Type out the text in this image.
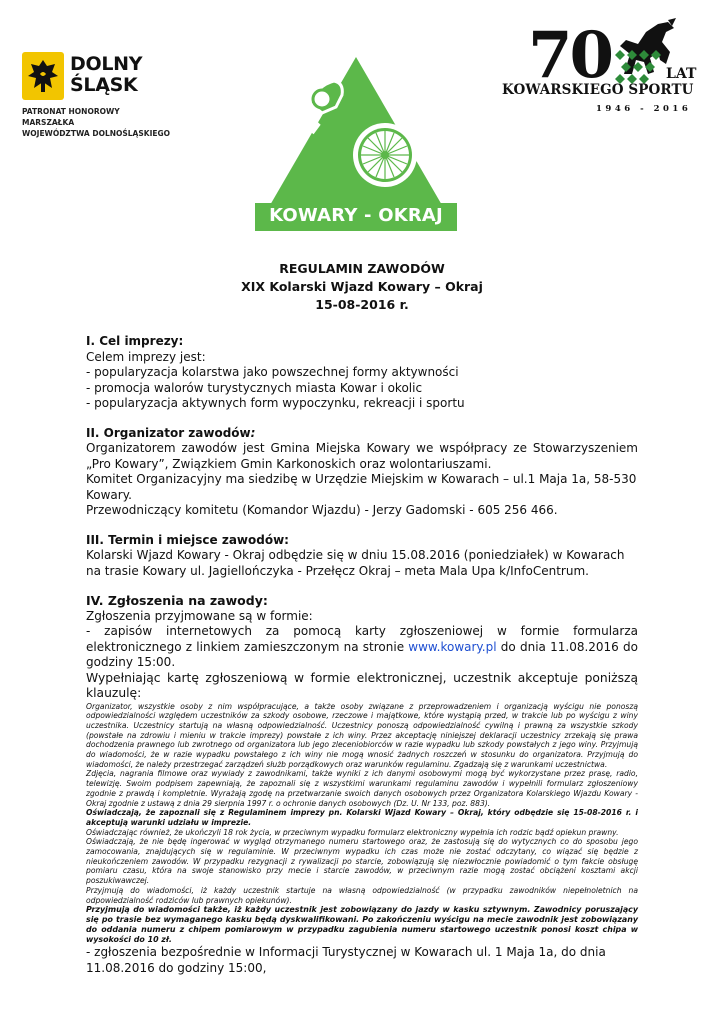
DOLNY
ŚLĄSK
PATRONAT HONOROWY MARSZAŁKA
WOJEWÓDZTWA DOLNOŚLĄSKIEGO
KOWARY - OKRAJ
70	LAT
KOWARSKIEGO SPORTU
1946 - 2016
REGULAMIN ZAWODÓW
XIX Kolarski Wjazd Kowary – Okraj
15-08-2016 r.
I. Cel imprezy:
Celem imprezy jest:
- popularyzacja kolarstwa jako powszechnej formy aktywności
- promocja walorów turystycznych miasta Kowar i okolic
- popularyzacja aktywnych form wypoczynku, rekreacji i sportu
II. Organizator zawodów:
Organizatorem zawodów jest Gmina Miejska Kowary we współpracy ze Stowarzyszeniem „Pro Kowary”, Związkiem Gmin Karkonoskich oraz wolontariuszami.
Komitet Organizacyjny ma siedzibę w Urzędzie Miejskim w Kowarach – ul.1 Maja 1a, 58-530 Kowary.
Przewodniczący komitetu (Komandor Wjazdu) - Jerzy Gadomski - 605 256 466.
III. Termin i miejsce zawodów:
Kolarski Wjazd Kowary - Okraj odbędzie się w dniu 15.08.2016 (poniedziałek) w Kowarach na trasie Kowary ul. Jagiellończyka - Przełęcz Okraj – meta Mala Upa k/InfoCentrum.
IV. Zgłoszenia na zawody:
Zgłoszenia przyjmowane są w formie:
- zapisów internetowych za pomocą karty zgłoszeniowej w formie formularza elektronicznego z linkiem zamieszczonym na stronie www.kowary.pl do dnia 11.08.2016 do godziny 15:00.
Wypełniając kartę zgłoszeniową w formie elektronicznej, uczestnik akceptuje poniższą klauzulę:
Organizator, wszystkie osoby z nim współpracujące, a także osoby związane z przeprowadzeniem i organizacją wyścigu nie ponoszą odpowiedzialności względem uczestników za szkody osobowe, rzeczowe i majątkowe, które wystąpią przed, w trakcie lub po wyścigu z winy uczestnika. Uczestnicy startują na własną odpowiedzialność. Uczestnicy ponoszą odpowiedzialność cywilną i prawną za wszystkie szkody (powstałe na zdrowiu i mieniu w trakcie imprezy) powstałe z ich winy. Przez akceptację niniejszej deklaracji uczestnicy zrzekają się prawa dochodzenia prawnego lub zwrotnego od organizatora lub jego zleceniobiorców w razie wypadku lub szkody powstałych z jego winy. Przyjmują do wiadomości, że w razie wypadku powstałego z ich winy nie mogą wnosić żadnych roszczeń w stosunku do organizatora. Przyjmują do wiadomości, że należy przestrzegać zarządzeń służb porządkowych oraz warunków regulaminu. Zgadzają się z warunkami uczestnictwa.
Zdjęcia, nagrania filmowe oraz wywiady z zawodnikami, także wyniki z ich danymi osobowymi mogą być wykorzystane przez prasę, radio, telewizję. Swoim podpisem zapewniają, że zapoznali się z wszystkimi warunkami regulaminu zawodów i wypełnili formularz zgłoszeniowy zgodnie z prawdą i kompletnie. Wyrażają zgodę na przetwarzanie swoich danych osobowych przez Organizatora Kolarskiego Wjazdu Kowary - Okraj zgodnie z ustawą z dnia 29 sierpnia 1997 r. o ochronie danych osobowych (Dz. U. Nr 133, poz. 883).
Oświadczają, że zapoznali się z Regulaminem imprezy pn. Kolarski Wjazd Kowary – Okraj, który odbędzie się 15-08-2016 r. i akceptują warunki udziału w imprezie.
Oświadczając również, że ukończyli 18 rok życia, w przeciwnym wypadku formularz elektroniczny wypełnia ich rodzic bądź opiekun prawny.
Oświadczają, że nie będę ingerować w wygląd otrzymanego numeru startowego oraz, że zastosują się do wytycznych co do sposobu jego zamocowania, znajdujących się w regulaminie. W przeciwnym wypadku ich czas może nie zostać odczytany, co wiązać się będzie z nieukończeniem zawodów. W przypadku rezygnacji z rywalizacji po starcie, zobowiązują się niezwłocznie powiadomić o tym fakcie obsługę pomiaru czasu, która na swoje stanowisko przy mecie i starcie zawodów, w przeciwnym razie mogą zostać obciążeni kosztami akcji poszukiwawczej.
Przyjmują do wiadomości, iż każdy uczestnik startuje na własną odpowiedzialność (w przypadku zawodników niepełnoletnich na odpowiedzialność rodziców lub prawnych opiekunów).
Przyjmują do wiadomości także, iż każdy uczestnik jest zobowiązany do jazdy w kasku sztywnym. Zawodnicy poruszający się po trasie bez wymaganego kasku będą dyskwalifikowani. Po zakończeniu wyścigu na mecie zawodnik jest zobowiązany do oddania numeru z chipem pomiarowym w przypadku zagubienia numeru startowego uczestnik ponosi koszt chipa w wysokości do 10 zł.
- zgłoszenia bezpośrednie w Informacji Turystycznej w Kowarach ul. 1 Maja 1a, do dnia
11.08.2016 do godziny 15:00,
